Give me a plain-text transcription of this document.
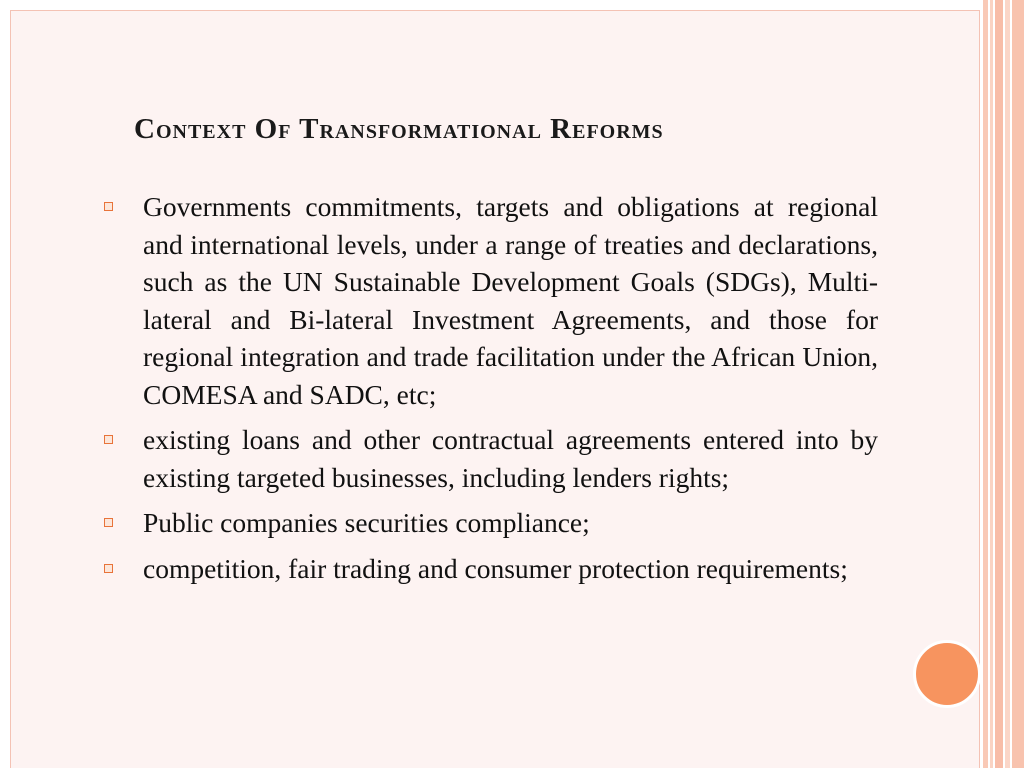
Context Of Transformational Reforms
Governments commitments, targets and obligations at regional and international levels, under a range of treaties and declarations, such as the UN Sustainable Development Goals (SDGs), Multi-lateral and Bi-lateral Investment Agreements, and those for regional integration and trade facilitation under the African Union, COMESA and SADC, etc;
existing loans and other contractual agreements entered into by existing targeted businesses, including lenders rights;
Public companies securities compliance;
competition, fair trading and consumer protection requirements;
